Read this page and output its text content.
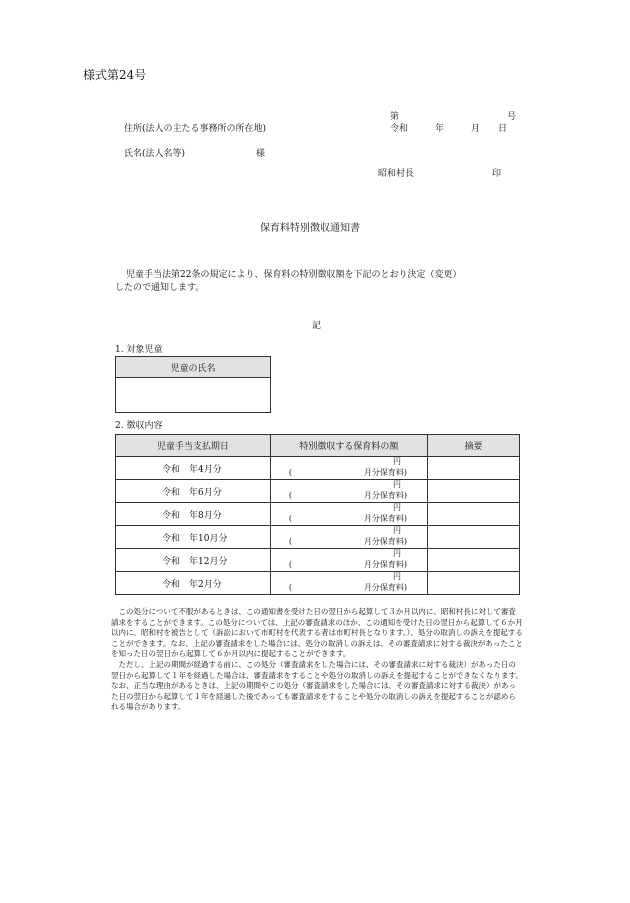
様式第24号
第	号
住所(法人の主たる事務所の所在地)	令和　　　年　　　月　　日
氏名(法人名等)	様
昭和村長	印
保育料特別徴収通知書
児童手当法第22条の規定により、保育料の特別徴収額を下記のとおり決定（変更）
したので通知します。
記
1. 対象児童
児童の氏名

2. 徴収内容
児童手当支払期日	特別徴収する保育料の額	摘要
令和　年4月分	円
( 月分保育料)	

令和　年6月分	円
( 月分保育料)	

令和　年8月分	円
( 月分保育料)	

令和　年10月分	円
( 月分保育料)	

令和　年12月分	円
( 月分保育料)	

令和　年2月分	円
( 月分保育料)	

この処分について不服があるときは、この通知書を受けた日の翌日から起算して３か月以内に、昭和村長に対して審査請求をすることができます。この処分については、上記の審査請求のほか、この通知を受けた日の翌日から起算して６か月以内に、昭和村を被告として（訴訟において市町村を代表する者は市町村長となります。）、処分の取消しの訴えを提起することができます。なお、上記の審査請求をした場合には、処分の取消しの訴えは、その審査請求に対する裁決があったことを知った日の翌日から起算して６か月以内に提起することができます。

ただし、上記の期間が経過する前に、この処分（審査請求をした場合には、その審査請求に対する裁決）があった日の翌日から起算して１年を経過した場合は、審査請求をすることや処分の取消しの訴えを提起することができなくなります。なお、正当な理由があるときは、上記の期間やこの処分（審査請求をした場合には、その審査請求に対する裁決）があった日の翌日から起算して１年を経過した後であっても審査請求をすることや処分の取消しの訴えを提起することが認められる場合があります。
